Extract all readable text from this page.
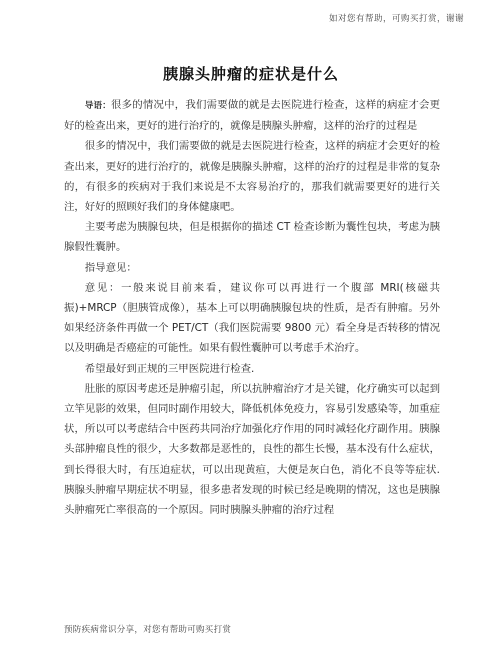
如对您有帮助，可购买打赏，谢谢
胰腺头肿瘤的症状是什么

导语：很多的情况中，我们需要做的就是去医院进行检查，这样的病症才会更好的检查出来，更好的进行治疗的，就像是胰腺头肿瘤，这样的治疗的过程是

很多的情况中，我们需要做的就是去医院进行检查，这样的病症才会更好的检查出来，更好的进行治疗的，就像是胰腺头肿瘤，这样的治疗的过程是非常的复杂的，有很多的疾病对于我们来说是不太容易治疗的，那我们就需要更好的进行关注，好好的照顾好我们的身体健康吧。

主要考虑为胰腺包块，但是根据你的描述 CT 检查诊断为囊性包块，考虑为胰腺假性囊肿。

指导意见：

意见：一般来说目前来看，建议你可以再进行一个腹部 MRI(核磁共振)+MRCP（胆胰管成像），基本上可以明确胰腺包块的性质，是否有肿瘤。另外如果经济条件再做一个 PET/CT（我们医院需要 9800 元）看全身是否转移的情况以及明确是否癌症的可能性。如果有假性囊肿可以考虑手术治疗。

希望最好到正规的三甲医院进行检查.

肚胀的原因考虑还是肿瘤引起，所以抗肿瘤治疗才是关键，化疗确实可以起到立竿见影的效果，但同时副作用较大，降低机体免疫力，容易引发感染等，加重症状，所以可以考虑结合中医药共同治疗加强化疗作用的同时减轻化疗副作用。胰腺头部肿瘤良性的很少，大多数都是恶性的，良性的都生长慢，基本没有什么症状，到长得很大时，有压迫症状，可以出现黄疸，大便是灰白色，消化不良等等症状.胰腺头肿瘤早期症状不明显，很多患者发现的时候已经是晚期的情况，这也是胰腺头肿瘤死亡率很高的一个原因。同时胰腺头肿瘤的治疗过程

预防疾病常识分享，对您有帮助可购买打赏
